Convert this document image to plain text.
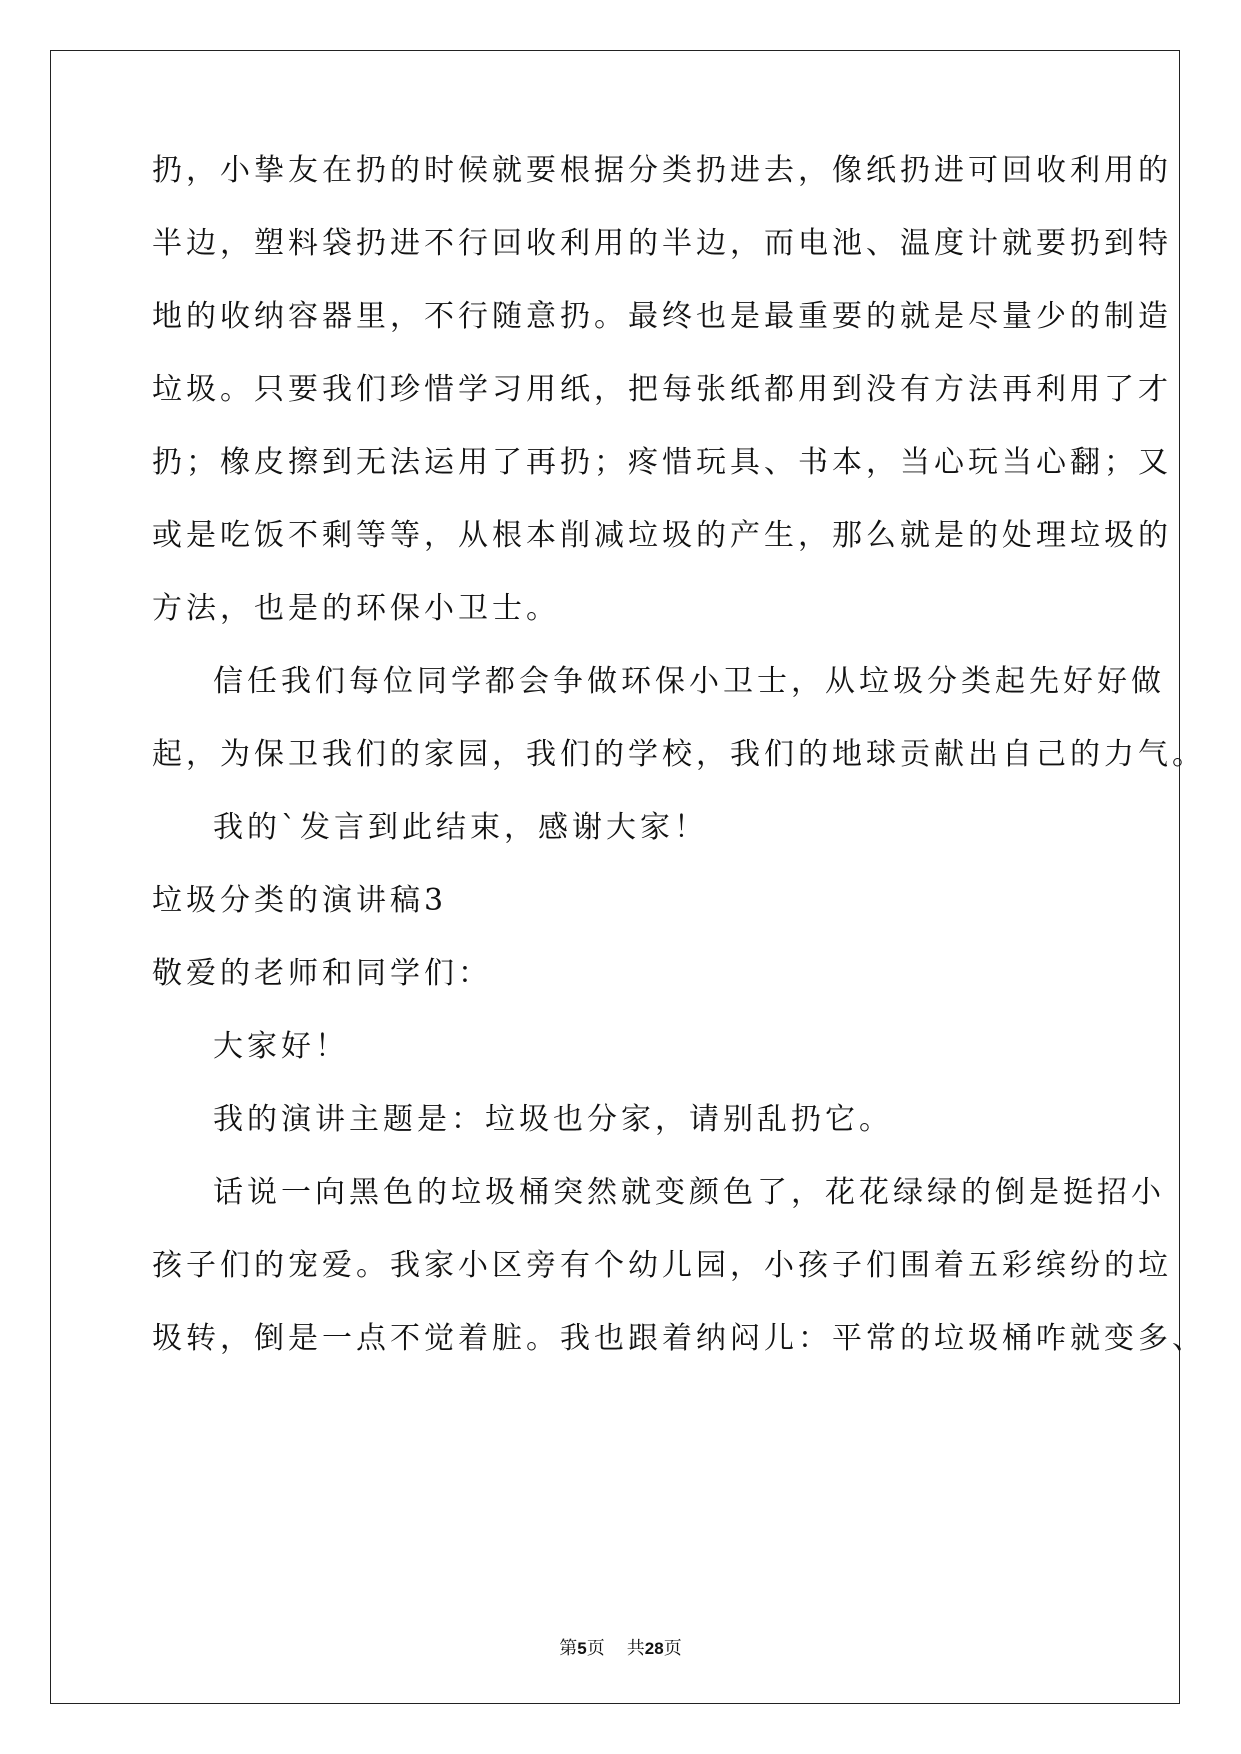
扔，小挚友在扔的时候就要根据分类扔进去，像纸扔进可回收利用的
半边，塑料袋扔进不行回收利用的半边，而电池、温度计就要扔到特
地的收纳容器里，不行随意扔。最终也是最重要的就是尽量少的制造
垃圾。只要我们珍惜学习用纸，把每张纸都用到没有方法再利用了才
扔；橡皮擦到无法运用了再扔；疼惜玩具、书本，当心玩当心翻；又
或是吃饭不剩等等，从根本削减垃圾的产生，那么就是的处理垃圾的
方法，也是的环保小卫士。
信任我们每位同学都会争做环保小卫士，从垃圾分类起先好好做
起，为保卫我们的家园，我们的学校，我们的地球贡献出自己的力气。
我的`发言到此结束，感谢大家！
垃圾分类的演讲稿3
敬爱的老师和同学们：
大家好！
我的演讲主题是：垃圾也分家，请别乱扔它。
话说一向黑色的垃圾桶突然就变颜色了，花花绿绿的倒是挺招小
孩子们的宠爱。我家小区旁有个幼儿园，小孩子们围着五彩缤纷的垃
圾转，倒是一点不觉着脏。我也跟着纳闷儿：平常的垃圾桶咋就变多、
第5页 共28页
